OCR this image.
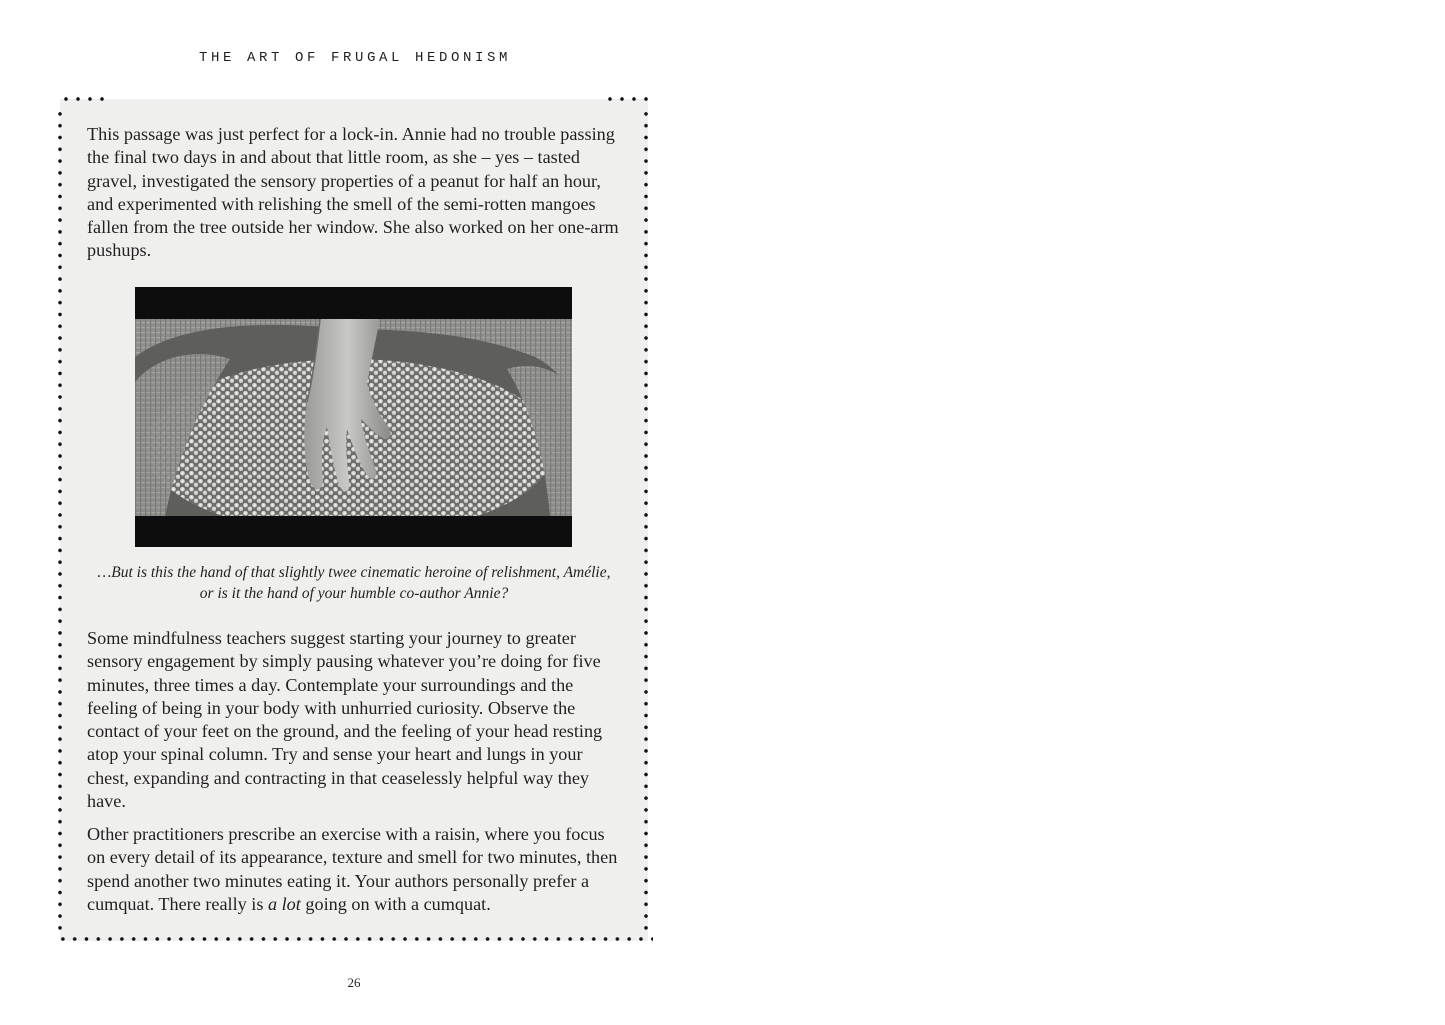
THE ART OF FRUGAL HEDONISM

This passage was just perfect for a lock-in. Annie had no trouble passing the final two days in and about that little room, as she – yes – tasted gravel, investigated the sensory properties of a peanut for half an hour, and experimented with relishing the smell of the semi-rotten mangoes fallen from the tree outside her window. She also worked on her one-arm pushups.

…But is this the hand of that slightly twee cinematic heroine of relishment, Amélie,
or is it the hand of your humble co-author Annie?

Some mindfulness teachers suggest starting your journey to greater sensory engagement by simply pausing whatever you’re doing for five minutes, three times a day. Contemplate your surroundings and the feeling of being in your body with unhurried curiosity. Observe the contact of your feet on the ground, and the feeling of your head resting atop your spinal column. Try and sense your heart and lungs in your chest, expanding and contracting in that ceaselessly helpful way they have.

Other practitioners prescribe an exercise with a raisin, where you focus on every detail of its appearance, texture and smell for two minutes, then spend another two minutes eating it. Your authors personally prefer a cumquat. There really is a lot going on with a cumquat.

26
